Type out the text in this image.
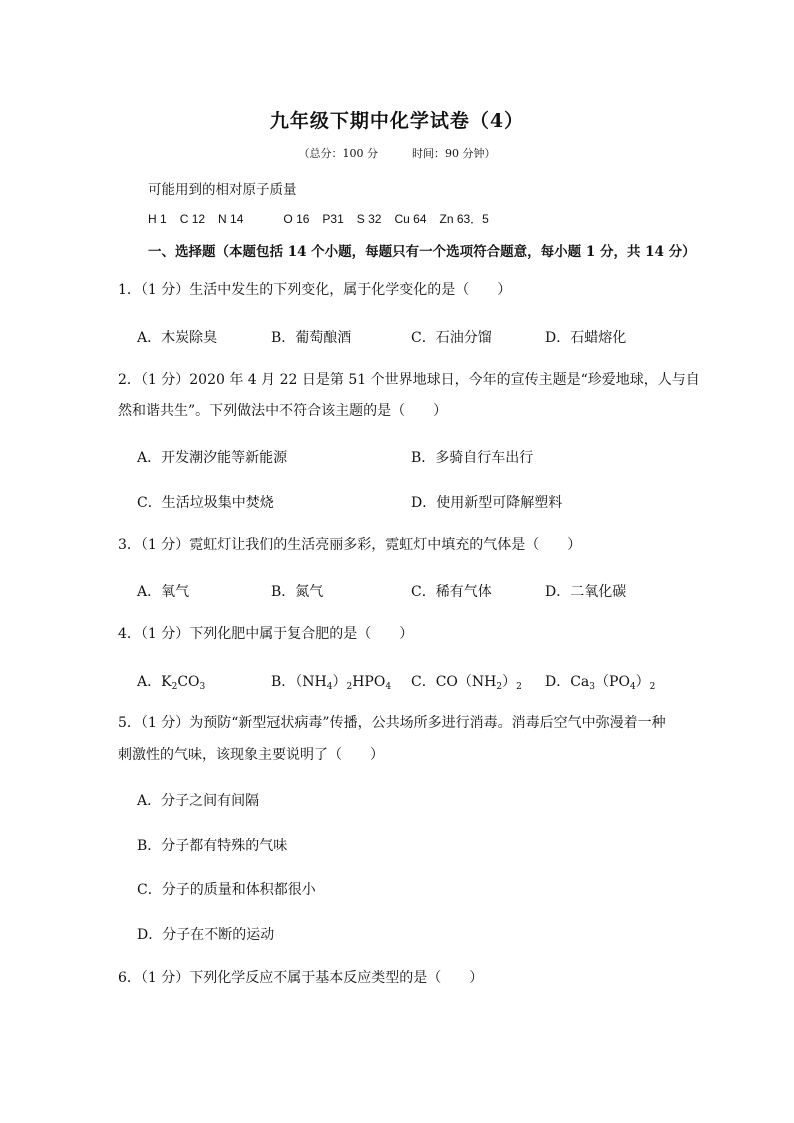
九年级下期中化学试卷（4）
（总分：100 分	时间：90 分钟）
可能用到的相对原子质量
H 1 C 12 N 14	O 16 P31 S 32 Cu 64 Zn 63．5
一、选择题（本题包括 14 个小题，每题只有一个选项符合题意，每小题 1 分，共 14 分）
1．（1 分）生活中发生的下列变化，属于化学变化的是（　　）
A．木炭除臭	B．葡萄酿酒	C．石油分馏	D．石蜡熔化
2．（1 分）2020 年 4 月 22 日是第 51 个世界地球日，今年的宣传主题是“珍爱地球，人与自
然和谐共生”。下列做法中不符合该主题的是（　　）
A．开发潮汐能等新能源	B．多骑自行车出行
C．生活垃圾集中焚烧	D．使用新型可降解塑料
3．（1 分）霓虹灯让我们的生活亮丽多彩，霓虹灯中填充的气体是（　　）
A．氧气	B．氮气	C．稀有气体	D．二氧化碳
4．（1 分）下列化肥中属于复合肥的是（　　）
A．$K_2CO_3$	B．$(NH_4)_2HPO_4$ C．$CO(NH_2)_2$ D．$Ca_3(PO_4)_2$
5．（1 分）为预防“新型冠状病毒”传播，公共场所多进行消毒。消毒后空气中弥漫着一种
刺激性的气味，该现象主要说明了（　　）
A．分子之间有间隔
B．分子都有特殊的气味
C．分子的质量和体积都很小
D．分子在不断的运动
6．（1 分）下列化学反应不属于基本反应类型的是（　　）
